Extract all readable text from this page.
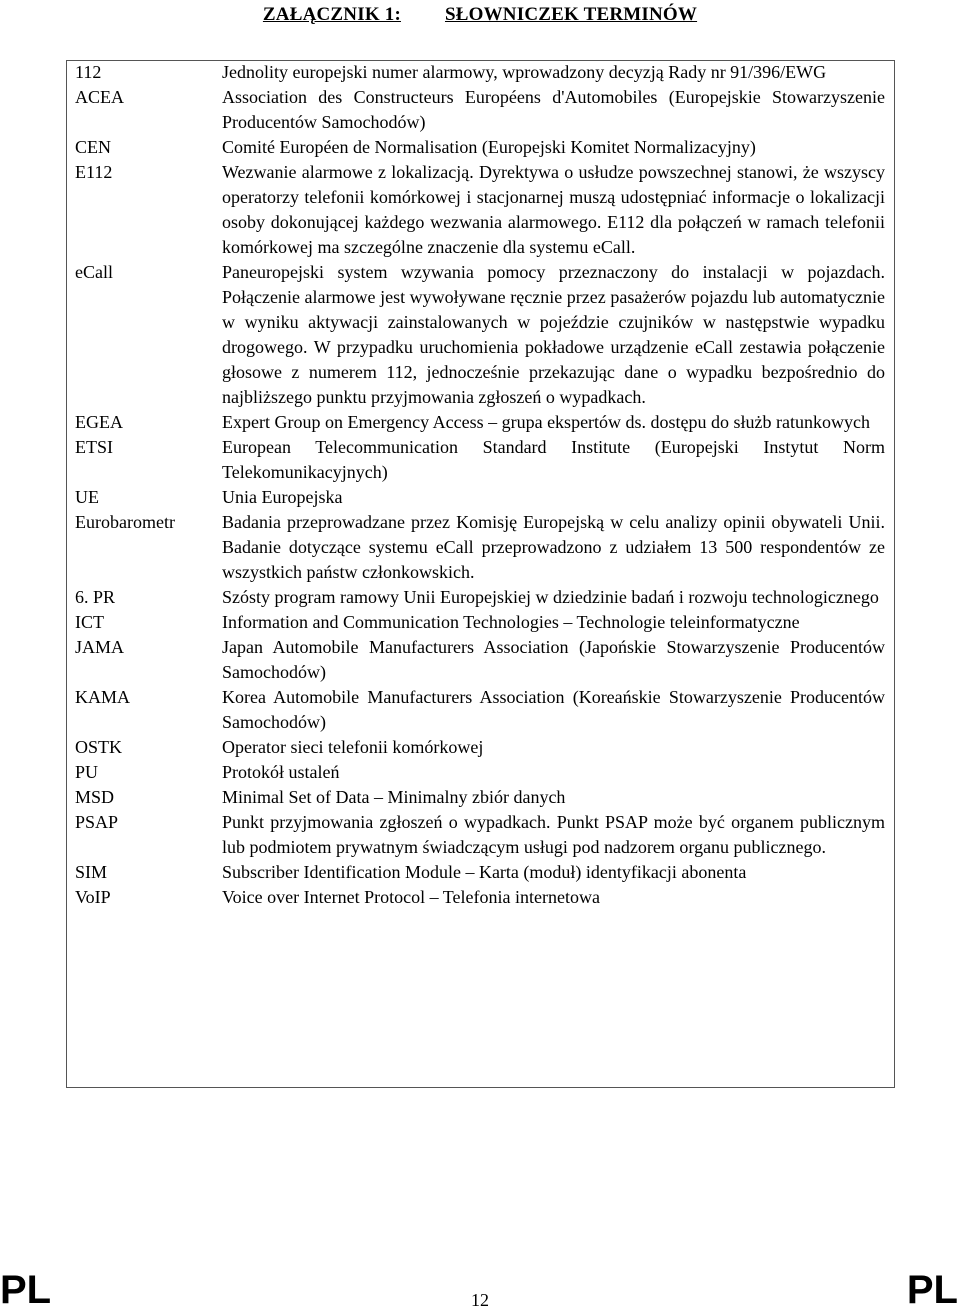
ZAŁĄCZNIK 1: SŁOWNICZEK TERMINÓW
112	Jednolity europejski numer alarmowy, wprowadzony decyzją Rady nr 91/396/EWG
ACEA	Association des Constructeurs Européens d'Automobiles (Europejskie Stowarzyszenie Producentów Samochodów)
CEN	Comité Européen de Normalisation (Europejski Komitet Normalizacyjny)
E112	Wezwanie alarmowe z lokalizacją. Dyrektywa o usłudze powszechnej stanowi, że wszyscy operatorzy telefonii komórkowej i stacjonarnej muszą udostępniać informacje o lokalizacji osoby dokonującej każdego wezwania alarmowego. E112 dla połączeń w ramach telefonii komórkowej ma szczególne znaczenie dla systemu eCall.
eCall	Paneuropejski system wzywania pomocy przeznaczony do instalacji w pojazdach. Połączenie alarmowe jest wywoływane ręcznie przez pasażerów pojazdu lub automatycznie w wyniku aktywacji zainstalowanych w pojeździe czujników w następstwie wypadku drogowego. W przypadku uruchomienia pokładowe urządzenie eCall zestawia połączenie głosowe z numerem 112, jednocześnie przekazując dane o wypadku bezpośrednio do najbliższego punktu przyjmowania zgłoszeń o wypadkach.
EGEA	Expert Group on Emergency Access – grupa ekspertów ds. dostępu do służb ratunkowych
ETSI	European Telecommunication Standard Institute (Europejski Instytut Norm Telekomunikacyjnych)
UE	Unia Europejska
Eurobarometr	Badania przeprowadzane przez Komisję Europejską w celu analizy opinii obywateli Unii. Badanie dotyczące systemu eCall przeprowadzono z udziałem 13 500 respondentów ze wszystkich państw członkowskich.
6. PR	Szósty program ramowy Unii Europejskiej w dziedzinie badań i rozwoju technologicznego
ICT	Information and Communication Technologies – Technologie teleinformatyczne
JAMA	Japan Automobile Manufacturers Association (Japońskie Stowarzyszenie Producentów Samochodów)
KAMA	Korea Automobile Manufacturers Association (Koreańskie Stowarzyszenie Producentów Samochodów)
OSTK	Operator sieci telefonii komórkowej
PU	Protokół ustaleń
MSD	Minimal Set of Data – Minimalny zbiór danych
PSAP	Punkt przyjmowania zgłoszeń o wypadkach. Punkt PSAP może być organem publicznym lub podmiotem prywatnym świadczącym usługi pod nadzorem organu publicznego.
SIM	Subscriber Identification Module – Karta (moduł) identyfikacji abonenta
VoIP	Voice over Internet Protocol – Telefonia internetowa
PL	PL
12
